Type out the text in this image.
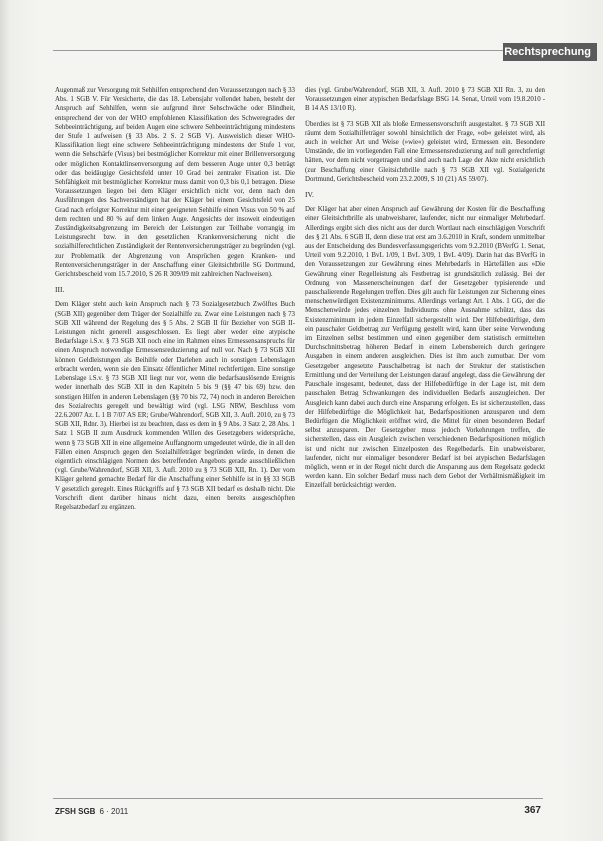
Rechtsprechung

Augenmaß zur Versorgung mit Sehhilfen entsprechend den Voraussetzungen nach § 33 Abs. 1 SGB V. Für Versicherte, die das 18. Lebensjahr vollendet haben, besteht der Anspruch auf Sehhilfen, wenn sie aufgrund ihrer Sehschwäche oder Blindheit, entsprechend der von der WHO empfohlenen Klassifikation des Schweregrades der Sehbeeinträchtigung, auf beiden Augen eine schwere Sehbeeinträchtigung mindestens der Stufe 1 aufweisen (§ 33 Abs. 2 S. 2 SGB V). Ausweislich dieser WHO-Klassifikation liegt eine schwere Sehbeeinträchtigung mindestens der Stufe 1 vor, wenn die Sehschärfe (Visus) bei bestmöglicher Korrektur mit einer Brillenversorgung oder möglichen Kontaktlinsenversorgung auf dem besseren Auge unter 0,3 beträgt oder das beidäugige Gesichtsfeld unter 10 Grad bei zentraler Fixation ist. Die Sehfähigkeit mit bestmöglicher Korrektur muss damit von 0,3 bis 0,1 betragen. Diese Voraussetzungen liegen bei dem Kläger ersichtlich nicht vor, denn nach den Ausführungen des Sachverständigen hat der Kläger bei einem Gesichtsfeld von 25 Grad nach erfolgter Korrektur mit einer geeigneten Sehhilfe einen Visus von 50 % auf dem rechten und 80 % auf dem linken Auge. Angesichts der insoweit eindeutigen Zuständigkeitsabgrenzung im Bereich der Leistungen zur Teilhabe vorrangig im Leistungsrecht bzw. in den gesetzlichen Krankenversicherung nicht die sozialhilferechtlichen Zuständigkeit der Rentenversicherungsträger zu begründen (vgl. zur Problematik der Abgrenzung von Ansprüchen gegen Kranken- und Rentenversicherungsträger in der Anschaffung einer Gleitsichtbrille SG Dortmund, Gerichtsbescheid vom 15.7.2010, S 26 R 309/09 mit zahlreichen Nachweisen).

III.

Dem Kläger steht auch kein Anspruch nach § 73 Sozialgesetzbuch Zwölftes Buch (SGB XII) gegenüber dem Träger der Sozialhilfe zu. Zwar eine Leistungen nach § 73 SGB XII während der Regelung des § 5 Abs. 2 SGB II für Bezieher von SGB II-Leistungen nicht generell ausgeschlossen. Es liegt aber weder eine atypische Bedarfslage i.S.v. § 73 SGB XII noch eine im Rahmen eines Ermessensanspruchs für einen Anspruch notwendige Ermessensreduzierung auf null vor. Nach § 73 SGB XII können Geldleistungen als Beihilfe oder Darlehen auch in sonstigen Lebenslagen erbracht werden, wenn sie den Einsatz öffentlicher Mittel rechtfertigen. Eine sonstige Lebenslage i.S.v. § 73 SGB XII liegt nur vor, wenn die bedarfsauslösende Ereignis weder innerhalb des SGB XII in den Kapiteln 5 bis 9 (§§ 47 bis 69) bzw. den sonstigen Hilfen in anderen Lebenslagen (§§ 70 bis 72, 74) noch in anderen Bereichen des Sozialrechts geregelt und bewältigt wird (vgl. LSG NRW, Beschluss vom 22.6.2007 Az. L 1 B 7/07 AS ER; Grube/Wahrendorf, SGB XII, 3. Aufl. 2010, zu § 73 SGB XII, Rdnr. 3). Hierbei ist zu beachten, dass es dem in § 9 Abs. 3 Satz 2, 28 Abs. 1 Satz 1 SGB II zum Ausdruck kommenden Willen des Gesetzgebers widerspräche, wenn § 73 SGB XII in eine allgemeine Auffangnorm umgedeutet würde, die in all den Fällen einen Anspruch gegen den Sozialhilfeträger begründen würde, in denen die eigentlich einschlägigen Normen des betreffenden Angebots gerade ausschließlichen (vgl. Grube/Wahrendorf, SGB XII, 3. Aufl. 2010 zu § 73 SGB XII, Rn. 1). Der vom Kläger geltend gemachte Bedarf für die Anschaffung einer Sehhilfe ist in §§ 33 SGB V gesetzlich geregelt. Eines Rückgriffs auf § 73 SGB XII bedarf es deshalb nicht. Die Vorschrift dient darüber hinaus nicht dazu, einen bereits ausgeschöpften Regelsatzbedarf zu ergänzen.

dies (vgl. Grube/Wahrendorf, SGB XII, 3. Aufl. 2010 § 73 SGB XII Rn. 3, zu den Voraussetzungen einer atypischen Bedarfslage BSG 14. Senat, Urteil vom 19.8.2010 - B 14 AS 13/10 R).

Überdies ist § 73 SGB XII als bloße Ermessensvorschrift ausgestaltet. § 73 SGB XII räumt dem Sozialhilfeträger sowohl hinsichtlich der Frage, »ob« geleistet wird, als auch in welcher Art und Weise (»wie«) geleistet wird, Ermessen ein. Besondere Umstände, die im vorliegenden Fall eine Ermessensreduzierung auf null gerechtfertigt hätten, vor dem nicht vorgetragen und sind auch nach Lage der Akte nicht ersichtlich (zur Beschaffung einer Gleitsichtbrille nach § 73 SGB XII vgl. Sozialgericht Dortmund, Gerichtsbescheid vom 23.2.2009, S 10 (21) AS 59/07).

IV.

Der Kläger hat aber einen Anspruch auf Gewährung der Kosten für die Beschaffung einer Gleitsichtbrille als unabweisbarer, laufender, nicht nur einmaliger Mehrbedarf. Allerdings ergibt sich dies nicht aus der durch Wortlaut nach einschlägigen Vorschrift des § 21 Abs. 6 SGB II, denn diese trat erst am 3.6.2010 in Kraft, sondern unmittelbar aus der Entscheidung des Bundesverfassungsgerichts vom 9.2.2010 (BVerfG 1. Senat, Urteil vom 9.2.2010, 1 BvL 1/09, 1 BvL 3/09, 1 BvL 4/09). Darin hat das BVerfG in den Voraussetzungen zur Gewährung eines Mehrbedarfs in Härtefällen aus »Die Gewährung einer Regelleistung als Festbetrag ist grundsätzlich zulässig. Bei der Ordnung von Massenerscheinungen darf der Gesetzgeber typisierende und pauschalierende Regelungen treffen. Dies gilt auch für Leistungen zur Sicherung eines menschenwürdigen Existenzminimums. Allerdings verlangt Art. 1 Abs. 1 GG, der die Menschenwürde jedes einzelnen Individuums ohne Ausnahme schützt, dass das Existenzminimum in jedem Einzelfall sichergestellt wird. Der Hilfebedürftige, dem ein pauschaler Geldbetrag zur Verfügung gestellt wird, kann über seine Verwendung im Einzelnen selbst bestimmen und einen gegenüber dem statistisch ermittelten Durchschnittsbetrag höheren Bedarf in einem Lebensbereich durch geringere Ausgaben in einem anderen ausgleichen. Dies ist ihm auch zumutbar. Der vom Gesetzgeber angesetzte Pauschalbetrag ist nach der Struktur der statistischen Ermittlung und der Verteilung der Leistungen darauf angelegt, dass die Gewährung der Pauschale insgesamt, bedeutet, dass der Hilfebedürftige in der Lage ist, mit dem pauschalen Betrag Schwankungen des individuellen Bedarfs auszugleichen. Der Ausgleich kann dabei auch durch eine Ansparung erfolgen. Es ist sicherzustellen, dass der Hilfebedürftige die Möglichkeit hat, Bedarfspositionen anzusparen und dem Bedürftigen die Möglichkeit eröffnet wird, die Mittel für einen besonderen Bedarf selbst anzusparen. Der Gesetzgeber muss jedoch Vorkehrungen treffen, die sicherstellen, dass ein Ausgleich zwischen verschiedenen Bedarfspositionen möglich ist und nicht nur zwischen Einzelposten des Regelbedarfs. Ein unabweisbarer, laufender, nicht nur einmaliger besonderer Bedarf ist bei atypischen Bedarfslagen möglich, wenn er in der Regel nicht durch die Ansparung aus dem Regelsatz gedeckt werden kann. Ein solcher Bedarf muss nach dem Gebot der Verhältnismäßigkeit im Einzelfall berücksichtigt werden.

ZFSH SGB 6 · 2011	367
